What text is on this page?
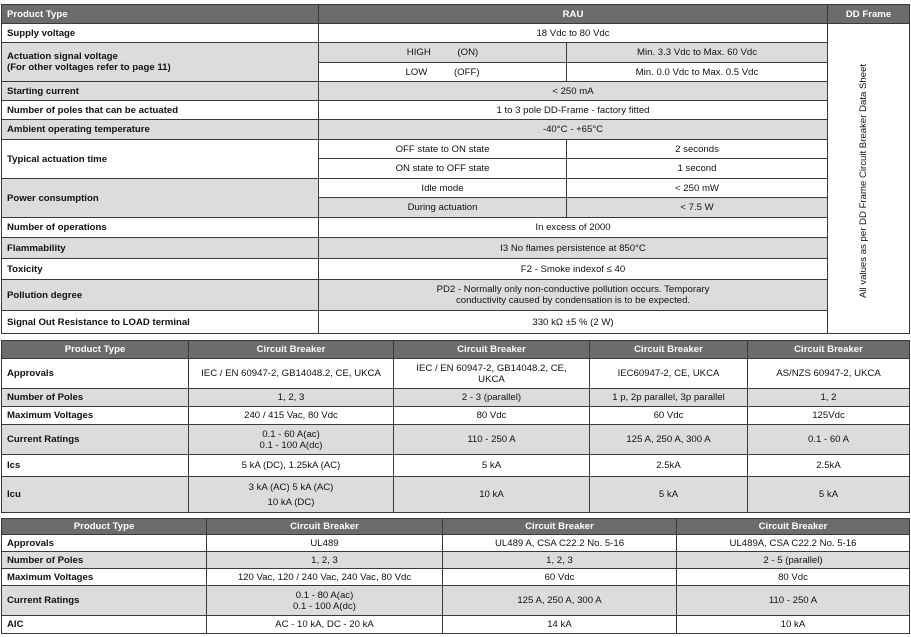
Product Type	RAU		DD Frame
Supply voltage	18 Vdc to 80 Vdc		

Actuation signal voltage
(For other voltages refer to page 11)	HIGH (ON)	Min. 3.3 Vdc to Max. 60 Vdc	
	LOW (OFF)	Min. 0.0 Vdc to Max. 0.5 Vdc	
Starting current	< 250 mA		
Number of poles that can be actuated	1 to 3 pole DD-Frame - factory fitted		
Ambient operating temperature	-40°C - +65°C		
Typical actuation time	OFF state to ON state	2 seconds	
	ON state to OFF state	1 second	
Power consumption	Idle mode	< 250 mW	
	During actuation	< 7.5 W	
Number of operations	In excess of 2000		
Flammability	I3 No flames persistence at 850°C		
Toxicity	F2 - Smoke indexof ≤ 40		
Pollution degree	PD2 - Normally only non-conductive pollution occurs. Temporary
conductivity caused by condensation is to be expected.		

Signal Out Resistance to LOAD terminal	330 kΩ ±5 % (2 W)		
All values as per DD Frame Circuit Breaker Data Sheet
Product Type	Circuit Breaker	Circuit Breaker	Circuit Breaker	Circuit Breaker
Approvals	IEC / EN 60947-2, GB14048.2, CE, UKCA	IEC / EN 60947-2, GB14048.2, CE,
UKCA	IEC60947-2, CE, UKCA	AS/NZS 60947-2, UKCA
Number of Poles	1, 2, 3	2 - 3 (parallel)	1 p, 2p parallel, 3p parallel	1, 2
Maximum Voltages	240 / 415 Vac, 80 Vdc	80 Vdc	60 Vdc	125Vdc
Current Ratings	0.1 - 60 A(ac)
0.1 - 100 A(dc)	110 - 250 A	125 A, 250 A, 300 A	0.1 - 60 A
Ics	5 kA (DC), 1.25kA (AC)	5 kA	2.5kA	2.5kA
Icu	3 kA (AC) 5 kA (AC)
10 kA (DC)	10 kA	5 kA	5 kA
Product Type	Circuit Breaker	Circuit Breaker	Circuit Breaker
Approvals	UL489	UL489 A, CSA C22.2 No. 5-16	UL489A, CSA C22.2 No. 5-16
Number of Poles	1, 2, 3	1, 2, 3	2 - 5 (parallel)
Maximum Voltages	120 Vac, 120 / 240 Vac, 240 Vac, 80 Vdc	60 Vdc	80 Vdc
Current Ratings	0.1 - 80 A(ac)
0.1 - 100 A(dc)	125 A, 250 A, 300 A	110 - 250 A
AIC	AC - 10 kA, DC - 20 kA	14 kA	10 kA
